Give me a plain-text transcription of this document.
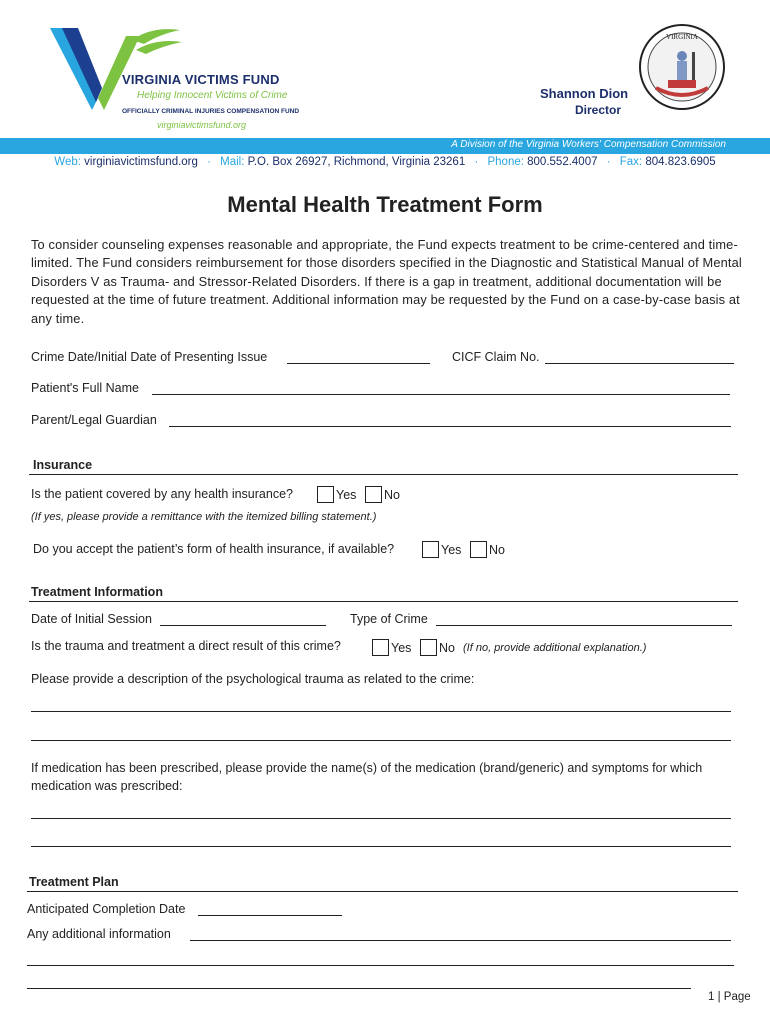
VIRGINIA VICTIMS FUND
Helping Innocent Victims of Crime
OFFICIALLY CRIMINAL INJURIES COMPENSATION FUND
virginiavictimsfund.org
Shannon Dion
Director
VIRGINIA
A Division of the Virginia Workers' Compensation Commission
Web: virginiavictimsfund.org · Mail: P.O. Box 26927, Richmond, Virginia 23261 · Phone: 800.552.4007 · Fax: 804.823.6905
Mental Health Treatment Form
To consider counseling expenses reasonable and appropriate, the Fund expects treatment to be crime-centered and time-limited. The Fund considers reimbursement for those disorders specified in the Diagnostic and Statistical Manual of Mental Disorders V as Trauma- and Stressor-Related Disorders. If there is a gap in treatment, additional documentation will be requested at the time of future treatment. Additional information may be requested by the Fund on a case-by-case basis at any time.
Crime Date/Initial Date of Presenting Issue	CICF Claim No.
Patient's Full Name
Parent/Legal Guardian
Insurance
Is the patient covered by any health insurance?	Yes No
(If yes, please provide a remittance with the itemized billing statement.)
Do you accept the patient’s form of health insurance, if available?	Yes No
Treatment Information
Date of Initial Session	Type of Crime
Is the trauma and treatment a direct result of this crime?	Yes No (If no, provide additional explanation.)
Please provide a description of the psychological trauma as related to the crime:
If medication has been prescribed, please provide the name(s) of the medication (brand/generic) and symptoms for which medication was prescribed:
Treatment Plan
Anticipated Completion Date
Any additional information
1 | Page
